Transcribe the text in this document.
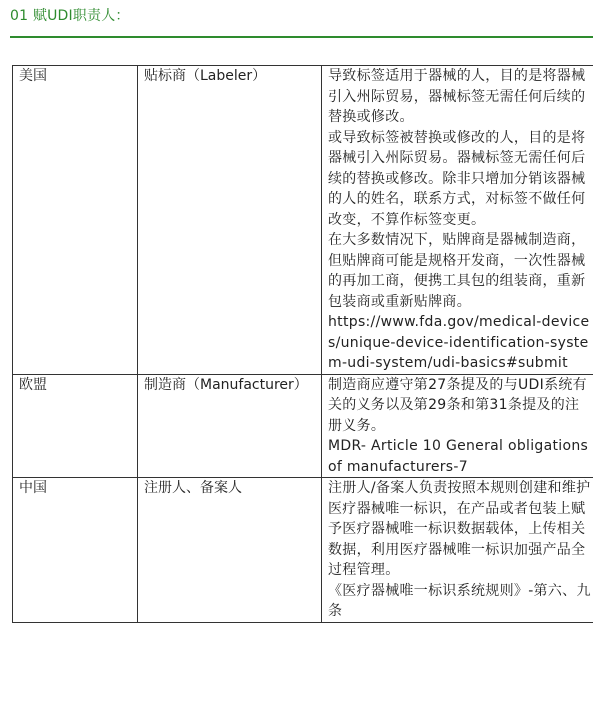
01 赋UDI职责人：
美国	贴标商（Labeler）	导致标签适用于器械的人，目的是将器械引入州际贸易，器械标签无需任何后续的替换或修改。
或导致标签被替换或修改的人，目的是将器械引入州际贸易。器械标签无需任何后续的替换或修改。除非只增加分销该器械的人的姓名，联系方式，对标签不做任何改变，不算作标签变更。
在大多数情况下，贴牌商是器械制造商，但贴牌商可能是规格开发商，一次性器械的再加工商，便携工具包的组装商，重新包装商或重新贴牌商。
https://www.fda.gov/medical-devices/unique-device-identification-system-udi-system/udi-basics#submit

欧盟	制造商（Manufacturer）	制造商应遵守第27条提及的与UDI系统有关的义务以及第29条和第31条提及的注册义务。
MDR- Article 10 General obligations of manufacturers-7

中国	注册人、备案人	注册人/备案人负责按照本规则创建和维护医疗器械唯一标识，在产品或者包装上赋予医疗器械唯一标识数据载体，上传相关数据，利用医疗器械唯一标识加强产品全过程管理。
《医疗器械唯一标识系统规则》-第六、九条
